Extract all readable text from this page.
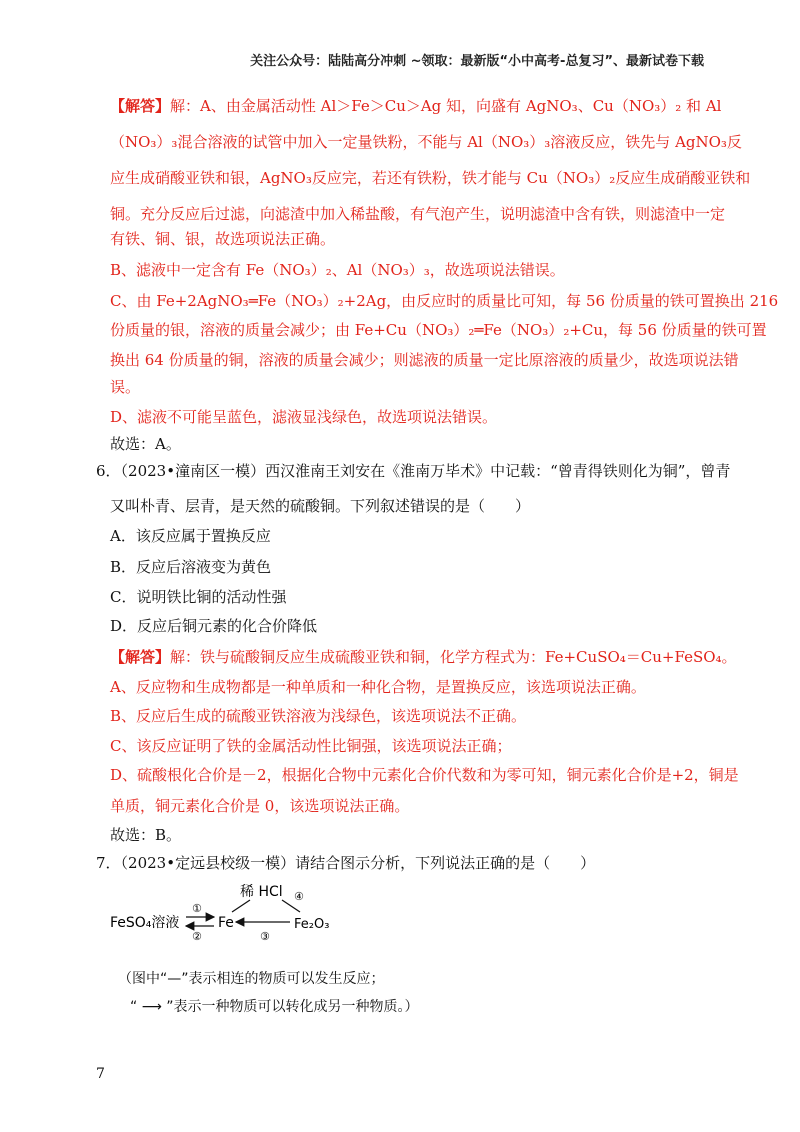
关注公众号：陆陆高分冲刺 ~领取：最新版“小中高考-总复习”、最新试卷下载
【解答】解：A、由金属活动性 Al＞Fe＞Cu＞Ag 知，向盛有 AgNO₃、Cu（NO₃）₂ 和 Al
（NO₃）₃混合溶液的试管中加入一定量铁粉，不能与 Al（NO₃）₃溶液反应，铁先与 AgNO₃反
应生成硝酸亚铁和银，AgNO₃反应完，若还有铁粉，铁才能与 Cu（NO₃）₂反应生成硝酸亚铁和
铜。充分反应后过滤，向滤渣中加入稀盐酸，有气泡产生，说明滤渣中含有铁，则滤渣中一定
有铁、铜、银，故选项说法正确。
B、滤液中一定含有 Fe（NO₃）₂、Al（NO₃）₃，故选项说法错误。
C、由 Fe+2AgNO₃═Fe（NO₃）₂+2Ag，由反应时的质量比可知，每 56 份质量的铁可置换出 216
份质量的银，溶液的质量会减少；由 Fe+Cu（NO₃）₂═Fe（NO₃）₂+Cu，每 56 份质量的铁可置
换出 64 份质量的铜，溶液的质量会减少；则滤液的质量一定比原溶液的质量少，故选项说法错
误。
D、滤液不可能呈蓝色，滤液显浅绿色，故选项说法错误。
故选：A。
6．（2023•潼南区一模）西汉淮南王刘安在《淮南万毕术》中记载：“曾青得铁则化为铜”，曾青
又叫朴青、层青，是天然的硫酸铜。下列叙述错误的是（　　）
A．该反应属于置换反应
B．反应后溶液变为黄色
C．说明铁比铜的活动性强
D．反应后铜元素的化合价降低
【解答】解：铁与硫酸铜反应生成硫酸亚铁和铜，化学方程式为：Fe+CuSO₄＝Cu+FeSO₄。
A、反应物和生成物都是一种单质和一种化合物，是置换反应，该选项说法正确。
B、反应后生成的硫酸亚铁溶液为浅绿色，该选项说法不正确。
C、该反应证明了铁的金属活动性比铜强，该选项说法正确；
D、硫酸根化合价是－2，根据化合物中元素化合价代数和为零可知，铜元素化合价是+2，铜是
单质，铜元素化合价是 0，该选项说法正确。
故选：B。
7．（2023•定远县校级一模）请结合图示分析，下列说法正确的是（　　）
FeSO₄溶液	Fe
稀 HCl
Fe₂O₃
①
②	③
④
（图中“—”表示相连的物质可以发生反应；
“ ⟶ ”表示一种物质可以转化成另一种物质。）
7
